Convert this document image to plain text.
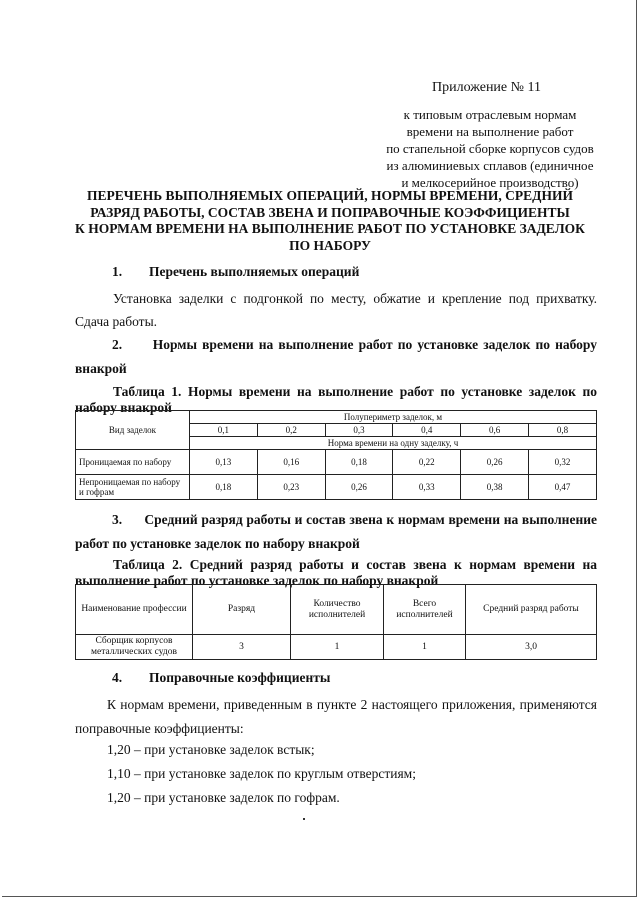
Приложение № 11
к типовым отраслевым нормам
времени на выполнение работ
по стапельной сборке корпусов судов
из алюминиевых сплавов (единичное
и мелкосерийное производство)
ПЕРЕЧЕНЬ ВЫПОЛНЯЕМЫХ ОПЕРАЦИЙ, НОРМЫ ВРЕМЕНИ, СРЕДНИЙ
РАЗРЯД РАБОТЫ, СОСТАВ ЗВЕНА И ПОПРАВОЧНЫЕ КОЭФФИЦИЕНТЫ
К НОРМАМ ВРЕМЕНИ НА ВЫПОЛНЕНИЕ РАБОТ ПО УСТАНОВКЕ ЗАДЕЛОК
ПО НАБОРУ
1. Перечень выполняемых операций
Установка заделки с подгонкой по месту, обжатие и крепление под прихватку. Сдача работы.
2. Нормы времени на выполнение работ по установке заделок по набору внакрой
Таблица 1. Нормы времени на выполнение работ по установке заделок по набору внакрой
Вид заделок	Полупериметр заделок, м					
	0,1	0,2	0,3	0,4	0,6	0,8
	Норма времени на одну заделку, ч					
Проницаемая по набору	0,13	0,16	0,18	0,22	0,26	0,32
Непроницаемая по набору и гофрам	0,18	0,23	0,26	0,33	0,38	0,47
3. Средний разряд работы и состав звена к нормам времени на выполнение работ по установке заделок по набору внакрой
Таблица 2. Средний разряд работы и состав звена к нормам времени на выполнение работ по установке заделок по набору внакрой
Наименование профессии	Разряд	Количество исполнителей	Всего исполнителей	Средний разряд работы
Сборщик корпусов металлических судов	3	1	1	3,0
4. Поправочные коэффициенты
К нормам времени, приведенным в пункте 2 настоящего приложения, применяются поправочные коэффициенты:
1,20 – при установке заделок встык;
1,10 – при установке заделок по круглым отверстиям;
1,20 – при установке заделок по гофрам.
